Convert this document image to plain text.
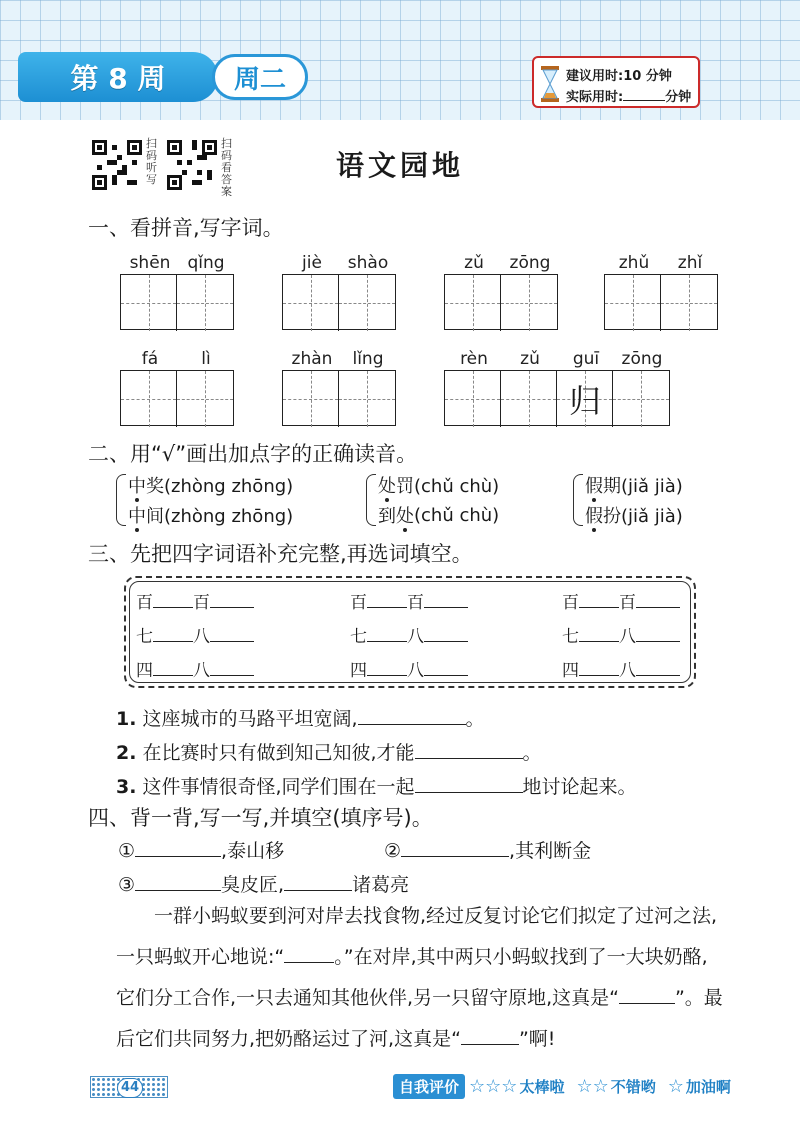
第 8 周	周二	建议用时:10 分钟
实际用时:	分钟
扫码听写
扫码看答案
语文园地
一、看拼音,写字词。
shēn	qǐng	jiè	shào	zǔ	zōng	zhǔ	zhǐ
fá	lì	zhàn	lǐng	rèn	zǔ	guī	zōng
归
二、用“√”画出加点字的正确读音。
中 奖(zhòng zhōng)
中 间(zhòng zhōng)
处 罚(chǔ chù)
到 处 (chǔ chù)
假 期(jiǎ jià)
假 扮(jiǎ jià)
三、先把四字词语补充完整,再选词填空。
百 百
七 八
四 八
百 百
七 八
四 八
百 百
七 八
四 八
1. 这座城市的马路平坦宽阔,	。
2. 在比赛时只有做到知己知彼,才能	。
3. 这件事情很奇怪,同学们围在一起	地讨论起来。
四、背一背,写一写,并填空(填序号)。
①	,泰山移	②	,其利断金
③	臭皮匠,	诸葛亮
一群小蚂蚁要到河对岸去找食物,经过反复讨论它们拟定了过河之法,一只蚂蚁开心地说:“	。”在对岸,其中两只小蚂蚁找到了一大块奶酪,它们分工合作,一只去通知其他伙伴,另一只留守原地,这真是“	”。最后它们共同努力,把奶酪运过了河,这真是“	”啊!
44	自我评价 ☆ ☆ ☆ 太棒啦 ☆ ☆ 不错哟 ☆ 加油啊
